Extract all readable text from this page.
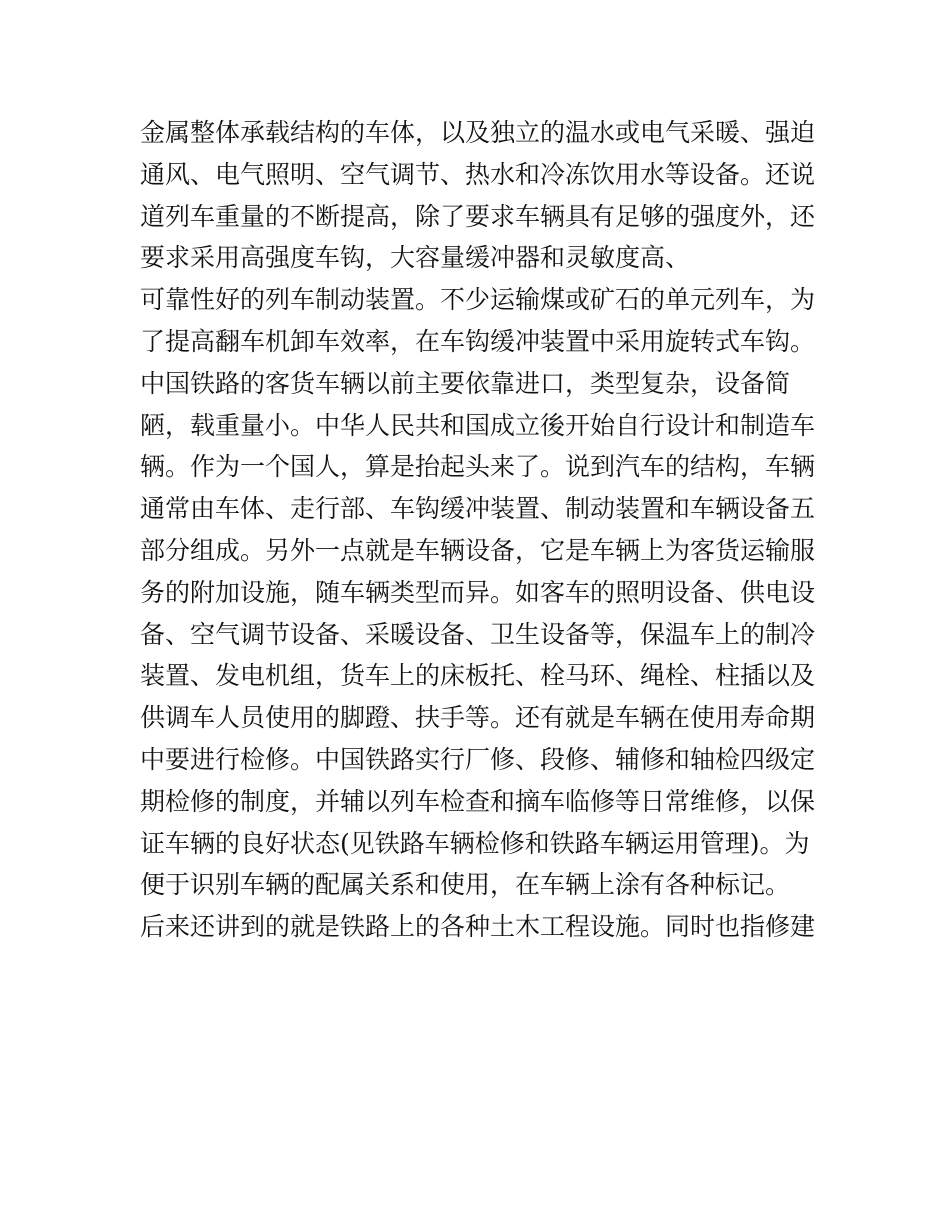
金属整体承载结构的车体，以及独立的温水或电气采暖、强迫
通风、电气照明、空气调节、热水和冷冻饮用水等设备。还说
道列车重量的不断提高，除了要求车辆具有足够的强度外，还
要求采用高强度车钩，大容量缓冲器和灵敏度高、
可靠性好的列车制动装置。不少运输煤或矿石的单元列车，为
了提高翻车机卸车效率，在车钩缓冲装置中采用旋转式车钩。
中国铁路的客货车辆以前主要依靠进口，类型复杂，设备简
陋，载重量小。中华人民共和国成立後开始自行设计和制造车
辆。作为一个国人，算是抬起头来了。说到汽车的结构，车辆
通常由车体、走行部、车钩缓冲装置、制动装置和车辆设备五
部分组成。另外一点就是车辆设备，它是车辆上为客货运输服
务的附加设施，随车辆类型而异。如客车的照明设备、供电设
备、空气调节设备、采暖设备、卫生设备等，保温车上的制冷
装置、发电机组，货车上的床板托、栓马环、绳栓、柱插以及
供调车人员使用的脚蹬、扶手等。还有就是车辆在使用寿命期
中要进行检修。中国铁路实行厂修、段修、辅修和轴检四级定
期检修的制度，并辅以列车检查和摘车临修等日常维修，以保
证车辆的良好状态(见铁路车辆检修和铁路车辆运用管理)。为
便于识别车辆的配属关系和使用，在车辆上涂有各种标记。
后来还讲到的就是铁路上的各种土木工程设施。同时也指修建
